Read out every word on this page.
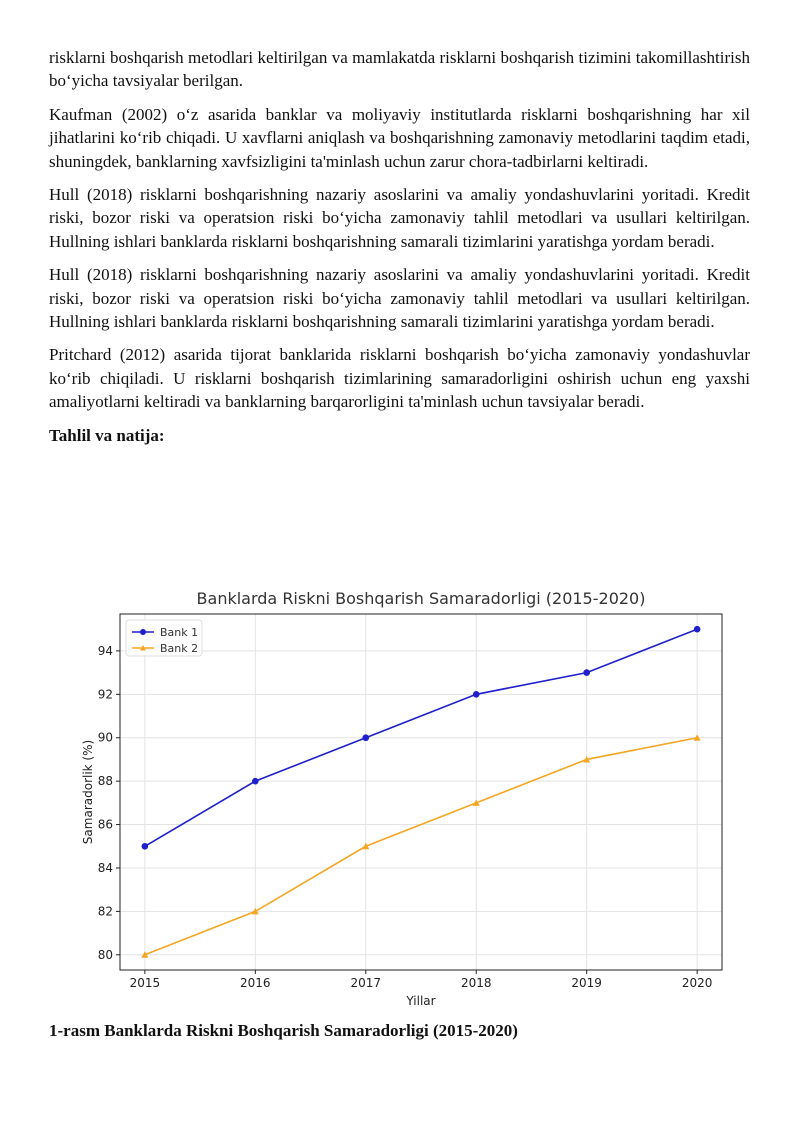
risklarni boshqarish metodlari keltirilgan va mamlakatda risklarni boshqarish tizimini takomillashtirish bo‘yicha tavsiyalar berilgan.

Kaufman (2002) o‘z asarida banklar va moliyaviy institutlarda risklarni boshqarishning har xil jihatlarini ko‘rib chiqadi. U xavflarni aniqlash va boshqarishning zamonaviy metodlarini taqdim etadi, shuningdek, banklarning xavfsizligini ta'minlash uchun zarur chora-tadbirlarni keltiradi.

Hull (2018) risklarni boshqarishning nazariy asoslarini va amaliy yondashuvlarini yoritadi. Kredit riski, bozor riski va operatsion riski bo‘yicha zamonaviy tahlil metodlari va usullari keltirilgan. Hullning ishlari banklarda risklarni boshqarishning samarali tizimlarini yaratishga yordam beradi.

Hull (2018) risklarni boshqarishning nazariy asoslarini va amaliy yondashuvlarini yoritadi. Kredit riski, bozor riski va operatsion riski bo‘yicha zamonaviy tahlil metodlari va usullari keltirilgan. Hullning ishlari banklarda risklarni boshqarishning samarali tizimlarini yaratishga yordam beradi.

Pritchard (2012) asarida tijorat banklarida risklarni boshqarish bo‘yicha zamonaviy yondashuvlar ko‘rib chiqiladi. U risklarni boshqarish tizimlarining samaradorligini oshirish uchun eng yaxshi amaliyotlarni keltiradi va banklarning barqarorligini ta'minlash uchun tavsiyalar beradi.

Tahlil va natija:

2015	2016	2017	2018	2019	2020
80
82
84
86
88
90
92
94
Banklarda Riskni Boshqarish Samaradorligi (2015-2020)
Yillar
Samaradorlik (%)
Bank 1
Bank 2
1-rasm Banklarda Riskni Boshqarish Samaradorligi (2015-2020)
